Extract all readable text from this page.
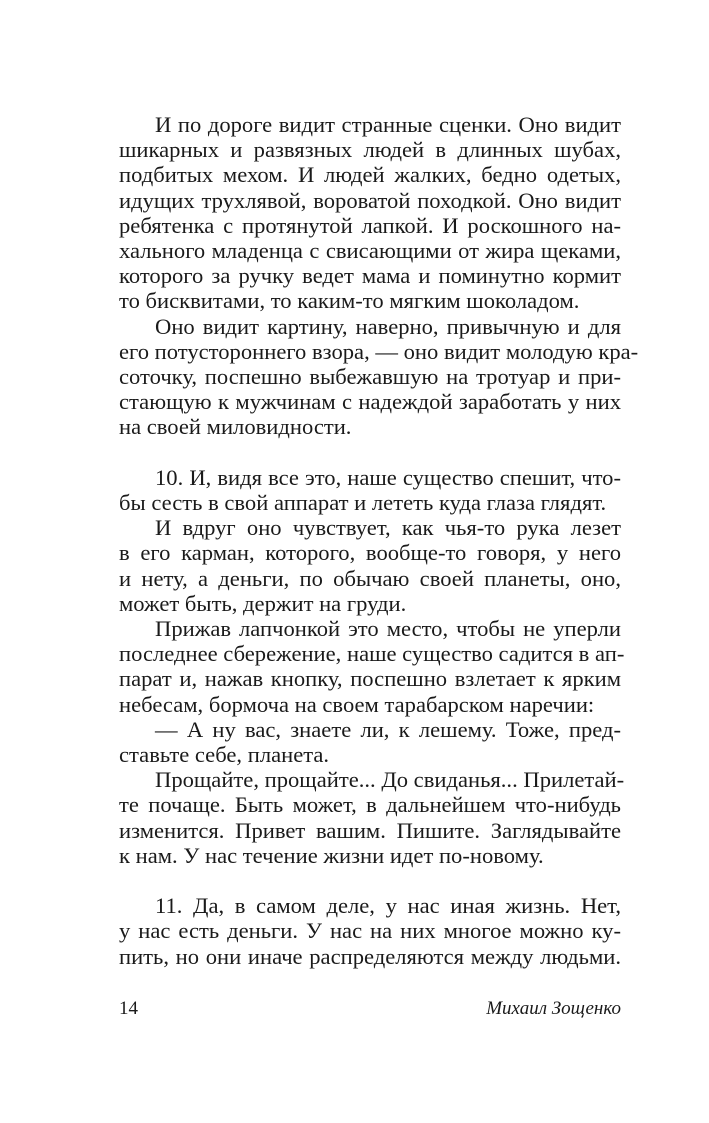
И по дороге видит странные сценки. Оно видит
шикарных и развязных людей в длинных шубах,
подбитых мехом. И людей жалких, бедно одетых,
идущих трухлявой, вороватой походкой. Оно видит
ребятенка с протянутой лапкой. И роскошного на-
хального младенца с свисающими от жира щеками,
которого за ручку ведет мама и поминутно кормит
то бисквитами, то каким-то мягким шоколадом.
Оно видит картину, наверно, привычную и для
его потустороннего взора, — оно видит молодую кра-
соточку, поспешно выбежавшую на тротуар и при-
стающую к мужчинам с надеждой заработать у них
на своей миловидности.
10. И, видя все это, наше существо спешит, что-
бы сесть в свой аппарат и лететь куда глаза глядят.
И вдруг оно чувствует, как чья-то рука лезет
в его карман, которого, вообще-то говоря, у него
и нету, а деньги, по обычаю своей планеты, оно,
может быть, держит на груди.
Прижав лапчонкой это место, чтобы не уперли
последнее сбережение, наше существо садится в ап-
парат и, нажав кнопку, поспешно взлетает к ярким
небесам, бормоча на своем тарабарском наречии:
— А ну вас, знаете ли, к лешему. Тоже, пред-
ставьте себе, планета.
Прощайте, прощайте... До свиданья... Прилетай-
те почаще. Быть может, в дальнейшем что-нибудь
изменится. Привет вашим. Пишите. Заглядывайте
к нам. У нас течение жизни идет по-новому.
11. Да, в самом деле, у нас иная жизнь. Нет,
у нас есть деньги. У нас на них многое можно ку-
пить, но они иначе распределяются между людьми.
14	Михаил Зощенко
